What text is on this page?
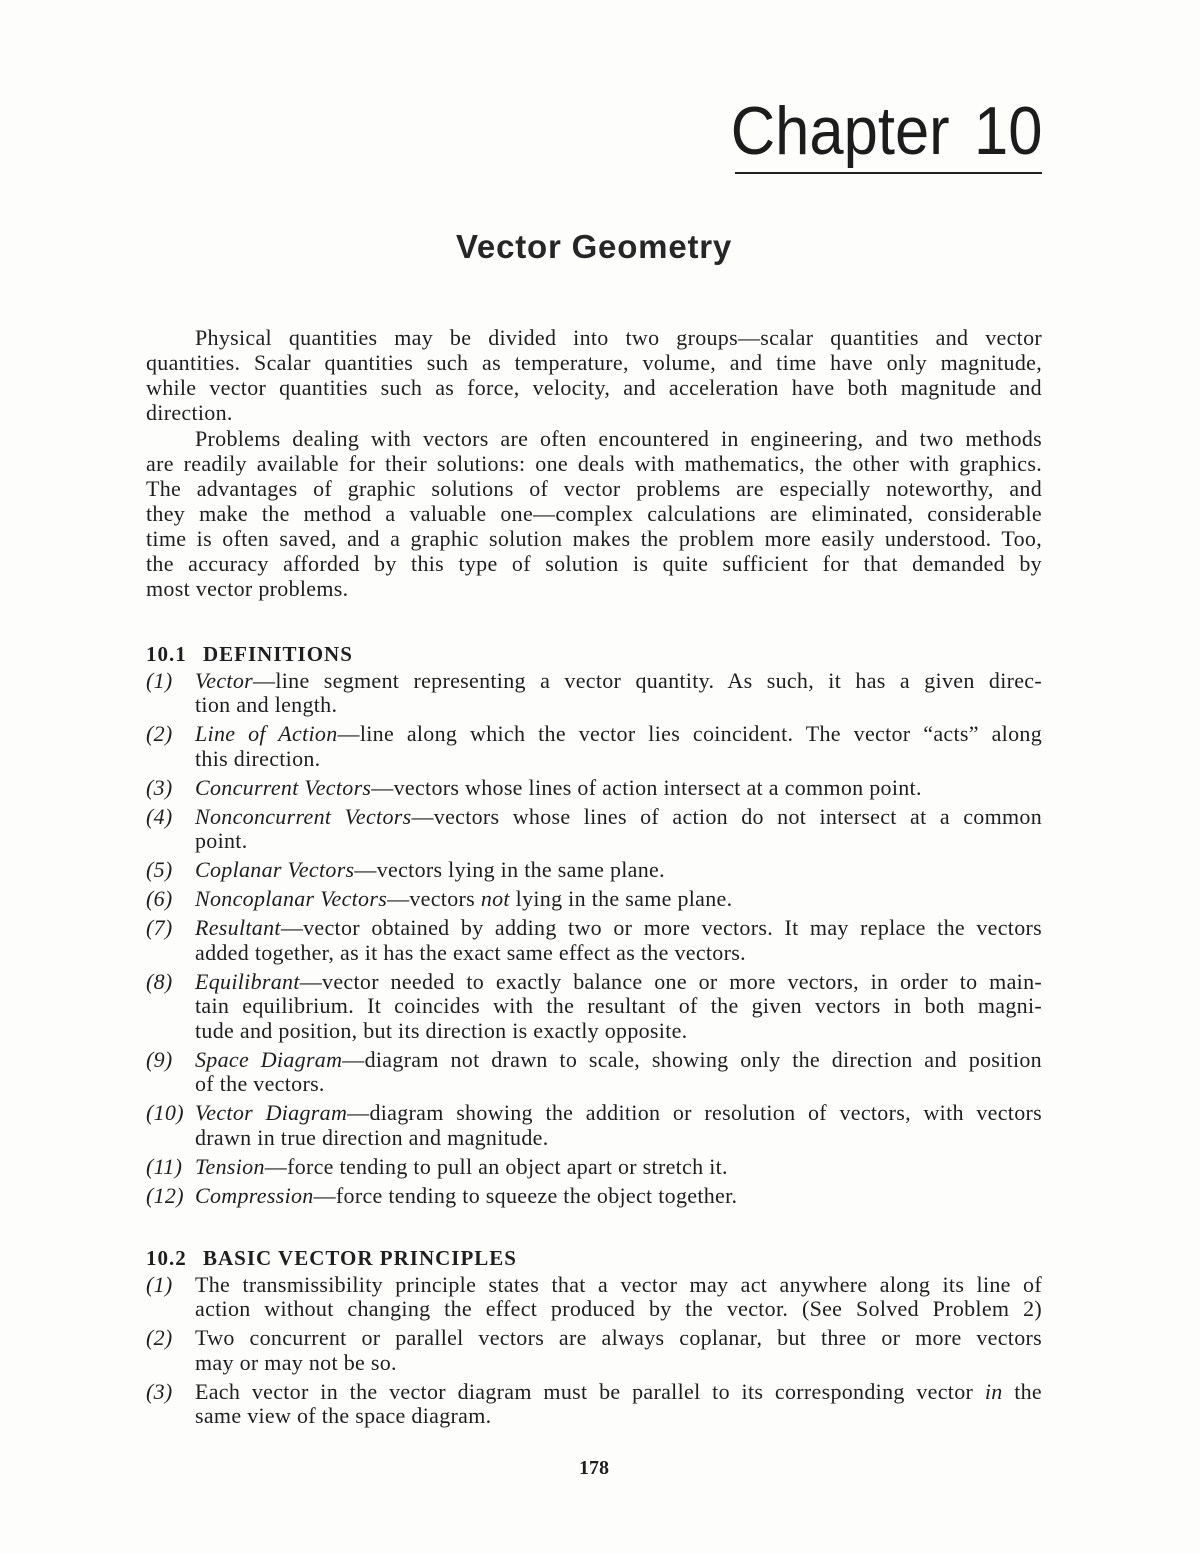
Chapter 10
Vector Geometry
Physical quantities may be divided into two groups—scalar quantities and vector
quantities. Scalar quantities such as temperature, volume, and time have only magnitude,
while vector quantities such as force, velocity, and acceleration have both magnitude and
direction.
Problems dealing with vectors are often encountered in engineering, and two methods
are readily available for their solutions: one deals with mathematics, the other with graphics.
The advantages of graphic solutions of vector problems are especially noteworthy, and
they make the method a valuable one—complex calculations are eliminated, considerable
time is often saved, and a graphic solution makes the problem more easily understood. Too,
the accuracy afforded by this type of solution is quite sufficient for that demanded by
most vector problems.
10.1 DEFINITIONS
(1) Vector—line segment representing a vector quantity. As such, it has a given direc-
tion and length.
(2) Line of Action—line along which the vector lies coincident. The vector “acts” along
this direction.
(3) Concurrent Vectors—vectors whose lines of action intersect at a common point.
(4) Nonconcurrent Vectors—vectors whose lines of action do not intersect at a common
point.
(5) Coplanar Vectors—vectors lying in the same plane.
(6) Noncoplanar Vectors—vectors not lying in the same plane.
(7) Resultant—vector obtained by adding two or more vectors. It may replace the vectors
added together, as it has the exact same effect as the vectors.
(8) Equilibrant—vector needed to exactly balance one or more vectors, in order to main-
tain equilibrium. It coincides with the resultant of the given vectors in both magni-
tude and position, but its direction is exactly opposite.
(9) Space Diagram—diagram not drawn to scale, showing only the direction and position
of the vectors.
(10) Vector Diagram—diagram showing the addition or resolution of vectors, with vectors
drawn in true direction and magnitude.
(11) Tension—force tending to pull an object apart or stretch it.
(12) Compression—force tending to squeeze the object together.
10.2 BASIC VECTOR PRINCIPLES
(1) The transmissibility principle states that a vector may act anywhere along its line of
action without changing the effect produced by the vector. (See Solved Problem 2)
(2) Two concurrent or parallel vectors are always coplanar, but three or more vectors
may or may not be so.
(3) Each vector in the vector diagram must be parallel to its corresponding vector in the
same view of the space diagram.
178
